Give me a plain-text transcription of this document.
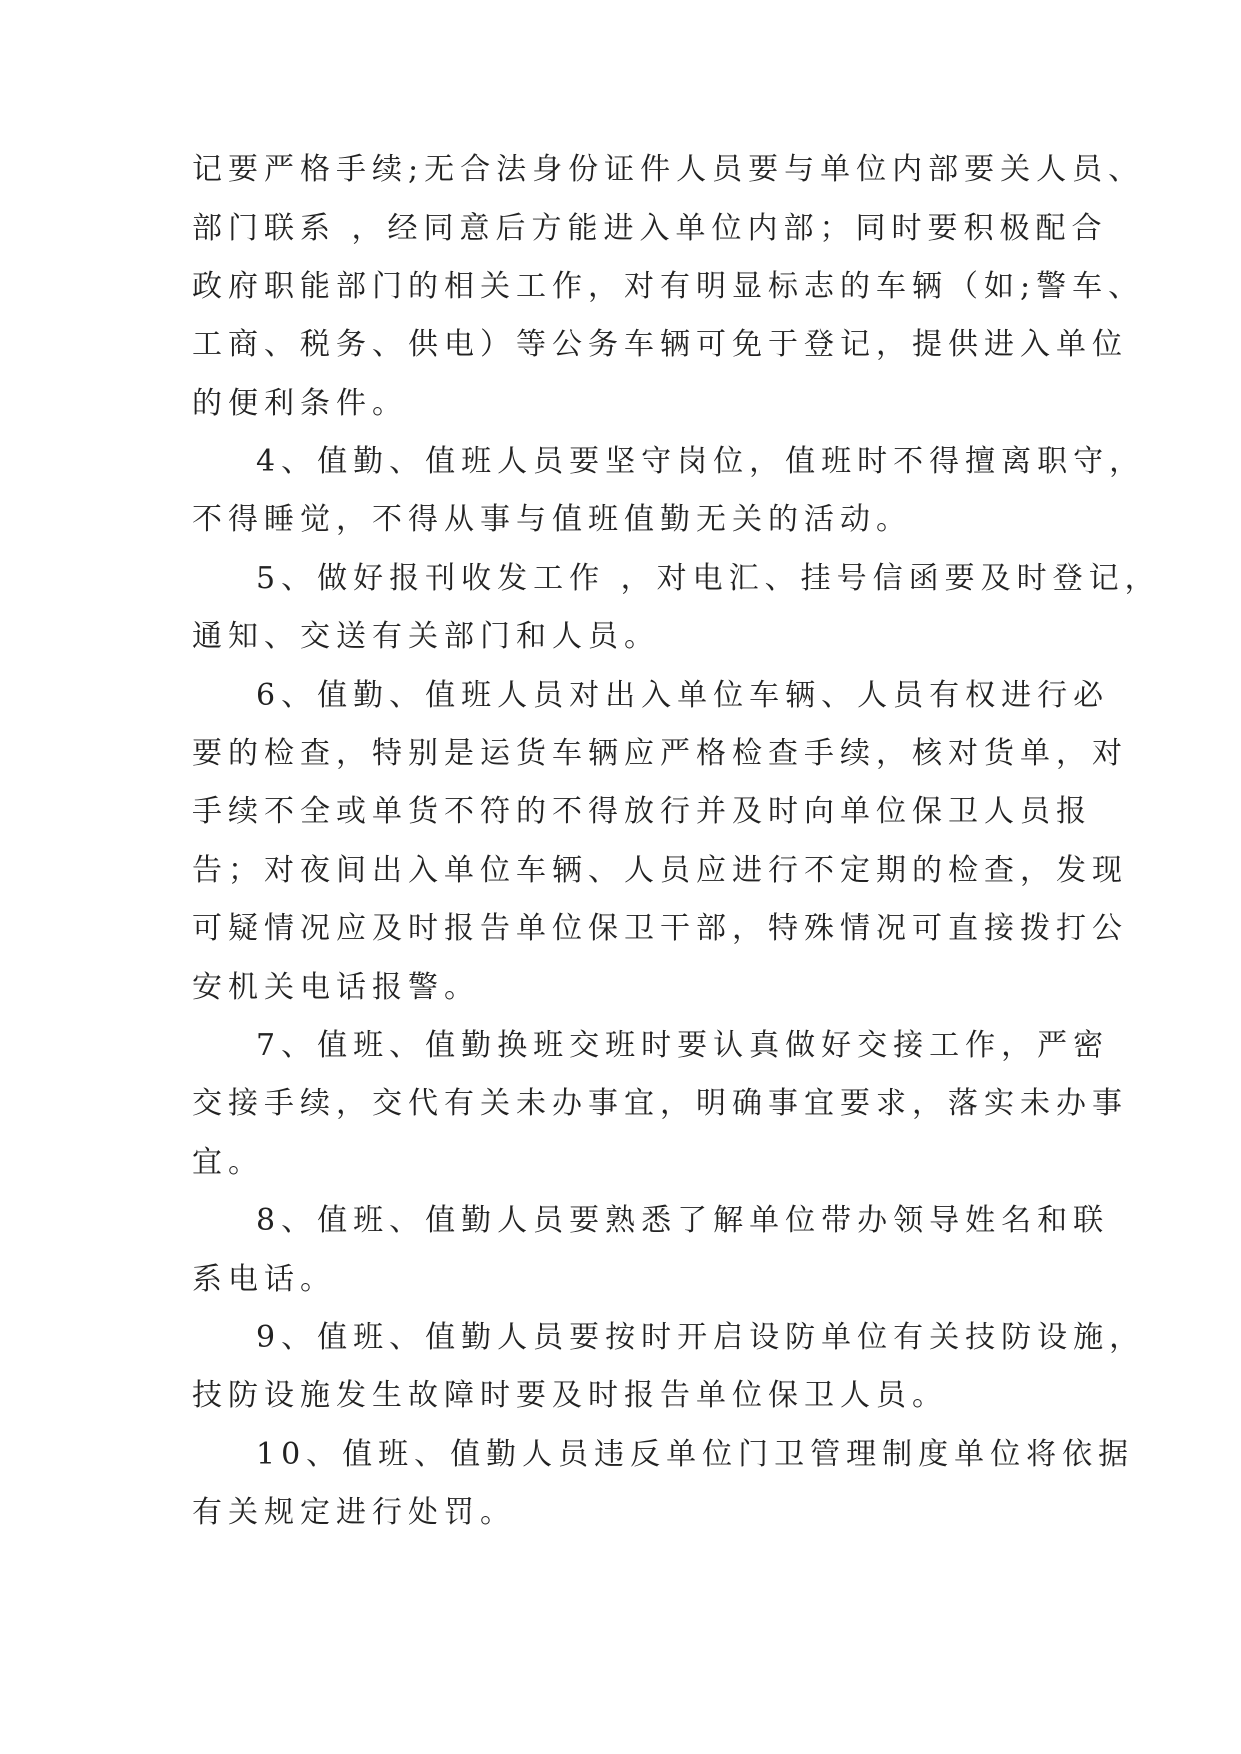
记要严格手续;无合法身份证件人员要与单位内部要关人员、
部门联系 ，经同意后方能进入单位内部；同时要积极配合
政府职能部门的相关工作，对有明显标志的车辆（如;警车、
工商、税务、供电）等公务车辆可免于登记，提供进入单位
的便利条件。
4、值勤、值班人员要坚守岗位，值班时不得擅离职守，
不得睡觉，不得从事与值班值勤无关的活动。
5、做好报刊收发工作 ，对电汇、挂号信函要及时登记，
通知、交送有关部门和人员。
6、值勤、值班人员对出入单位车辆、人员有权进行必
要的检查，特别是运货车辆应严格检查手续，核对货单，对
手续不全或单货不符的不得放行并及时向单位保卫人员报
告；对夜间出入单位车辆、人员应进行不定期的检查，发现
可疑情况应及时报告单位保卫干部，特殊情况可直接拨打公
安机关电话报警。
7、值班、值勤换班交班时要认真做好交接工作，严密
交接手续，交代有关未办事宜，明确事宜要求，落实未办事
宜。
8、值班、值勤人员要熟悉了解单位带办领导姓名和联
系电话。
9、值班、值勤人员要按时开启设防单位有关技防设施，
技防设施发生故障时要及时报告单位保卫人员。
10、值班、值勤人员违反单位门卫管理制度单位将依据
有关规定进行处罚。
